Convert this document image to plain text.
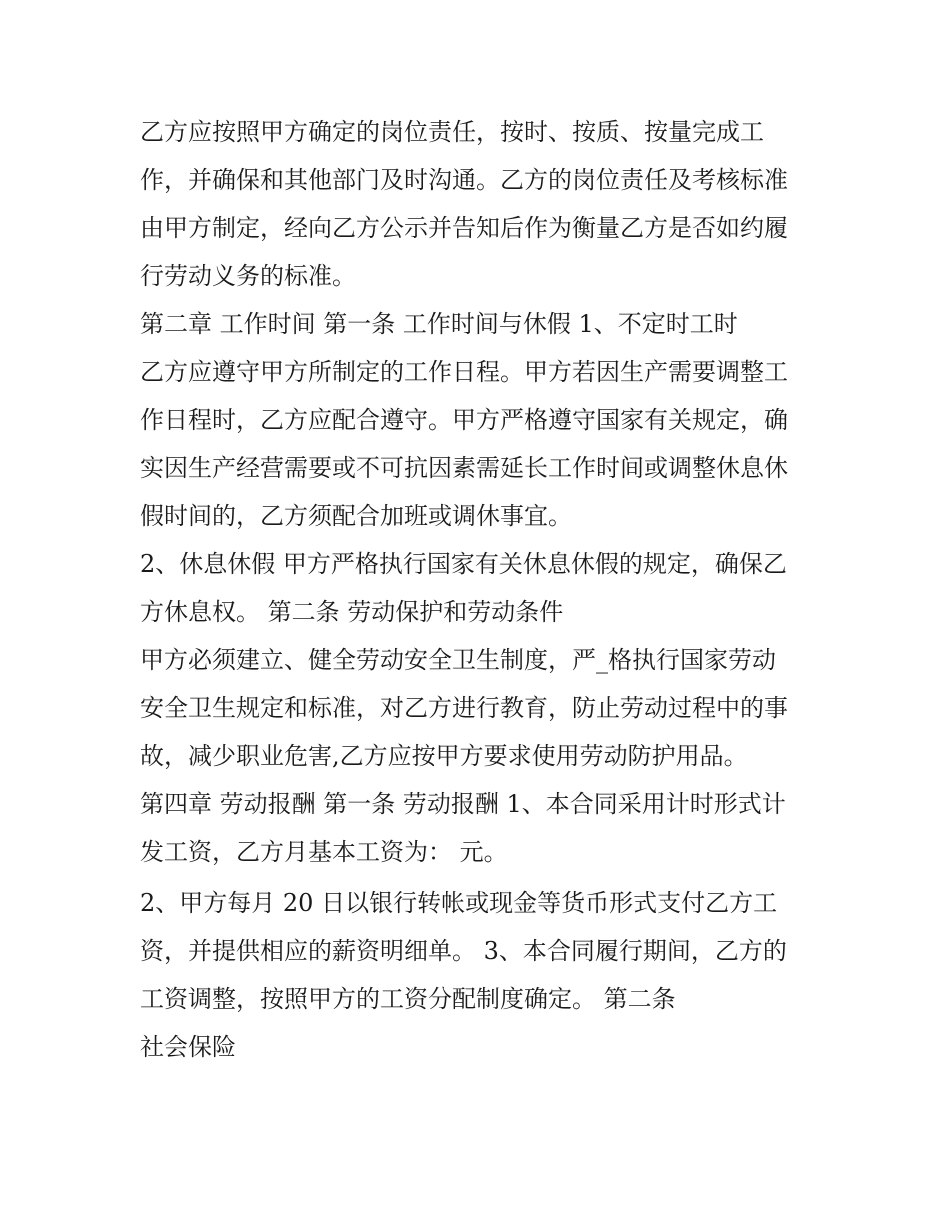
乙方应按照甲方确定的岗位责任，按时、按质、按量完成工
作，并确保和其他部门及时沟通。乙方的岗位责任及考核标准
由甲方制定，经向乙方公示并告知后作为衡量乙方是否如约履
行劳动义务的标准。
第二章 工作时间 第一条 工作时间与休假 1、不定时工时
乙方应遵守甲方所制定的工作日程。甲方若因生产需要调整工
作日程时，乙方应配合遵守。甲方严格遵守国家有关规定，确
实因生产经营需要或不可抗因素需延长工作时间或调整休息休
假时间的，乙方须配合加班或调休事宜。
2、休息休假 甲方严格执行国家有关休息休假的规定，确保乙
方休息权。 第二条 劳动保护和劳动条件
甲方必须建立、健全劳动安全卫生制度，严_格执行国家劳动
安全卫生规定和标准，对乙方进行教育，防止劳动过程中的事
故，减少职业危害,乙方应按甲方要求使用劳动防护用品。
第四章 劳动报酬 第一条 劳动报酬 1、本合同采用计时形式计
发工资，乙方月基本工资为： 元。
2、甲方每月 20 日以银行转帐或现金等货币形式支付乙方工
资，并提供相应的薪资明细单。 3、本合同履行期间，乙方的
工资调整，按照甲方的工资分配制度确定。 第二条
社会保险
